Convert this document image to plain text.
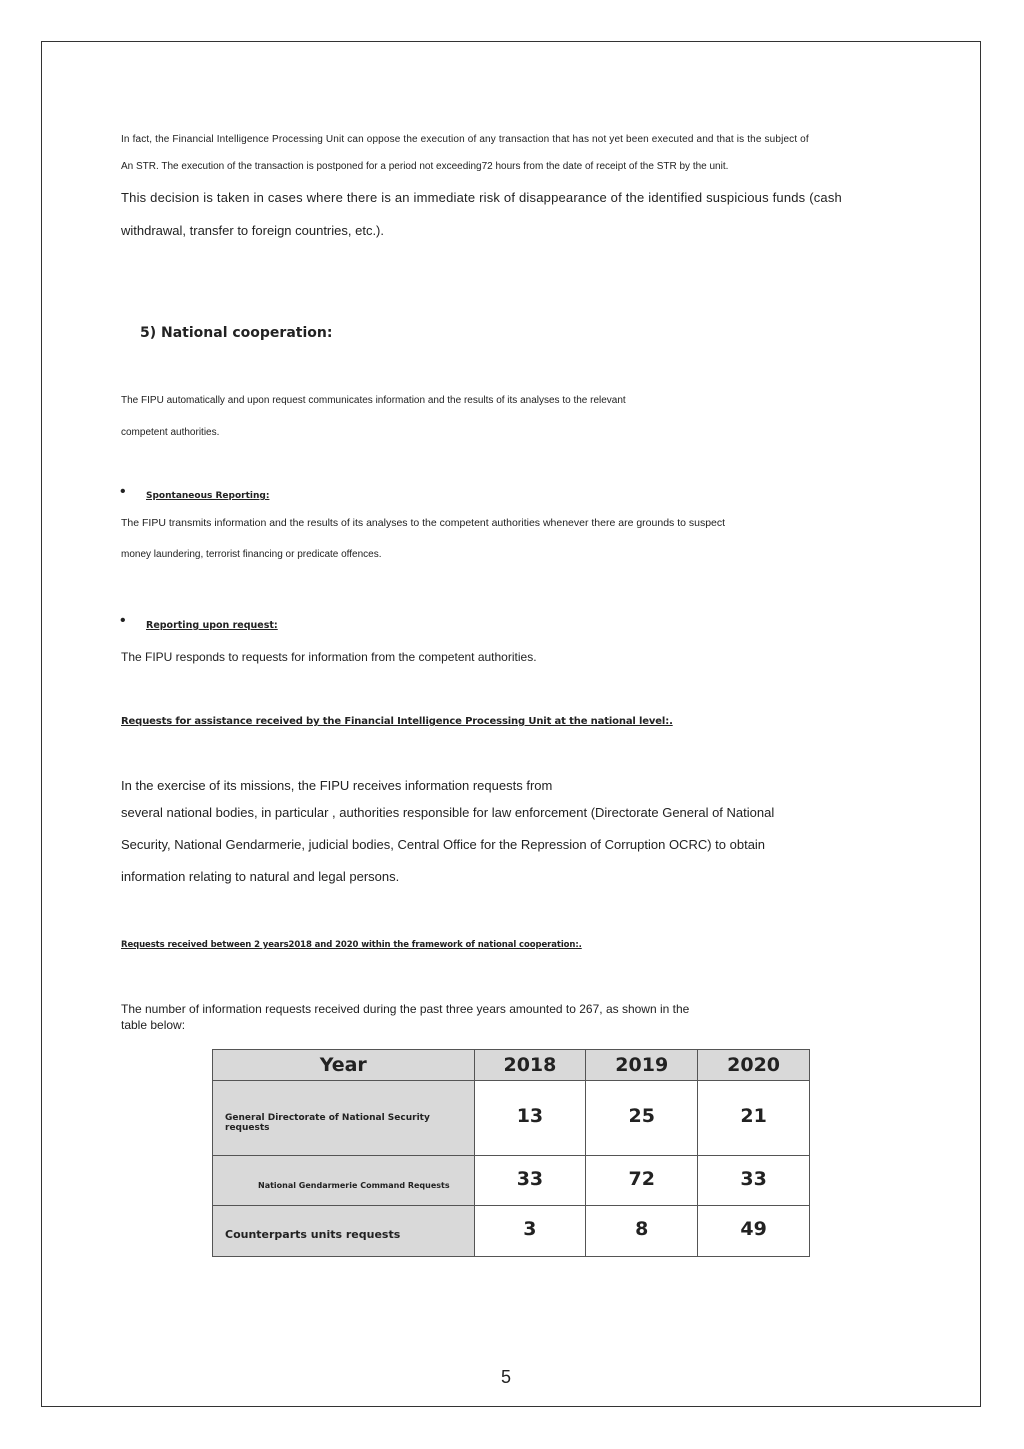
In fact, the Financial Intelligence Processing Unit can oppose the execution of any transaction that has not yet been executed and that is the subject of
An STR. The execution of the transaction is postponed for a period not exceeding72 hours from the date of receipt of the STR by the unit.
This decision is taken in cases where there is an immediate risk of disappearance of the identified suspicious funds (cash
withdrawal, transfer to foreign countries, etc.).
5) National cooperation:
The FIPU automatically and upon request communicates information and the results of its analyses to the relevant
competent authorities.
• Spontaneous Reporting:
The FIPU transmits information and the results of its analyses to the competent authorities whenever there are grounds to suspect
money laundering, terrorist financing or predicate offences.
• Reporting upon request:
The FIPU responds to requests for information from the competent authorities.
Requests for assistance received by the Financial Intelligence Processing Unit at the national level:.
In the exercise of its missions, the FIPU receives information requests from
several national bodies, in particular , authorities responsible for law enforcement (Directorate General of National
Security, National Gendarmerie, judicial bodies, Central Office for the Repression of Corruption OCRC) to obtain
information relating to natural and legal persons.
Requests received between 2 years2018 and 2020 within the framework of national cooperation:.
The number of information requests received during the past three years amounted to 267, as shown in the
table below:
Year	2018	2019	2020
General Directorate of National Security requests	13	25	21
National Gendarmerie Command Requests	33	72	33
Counterparts units requests	3	8	49
5
